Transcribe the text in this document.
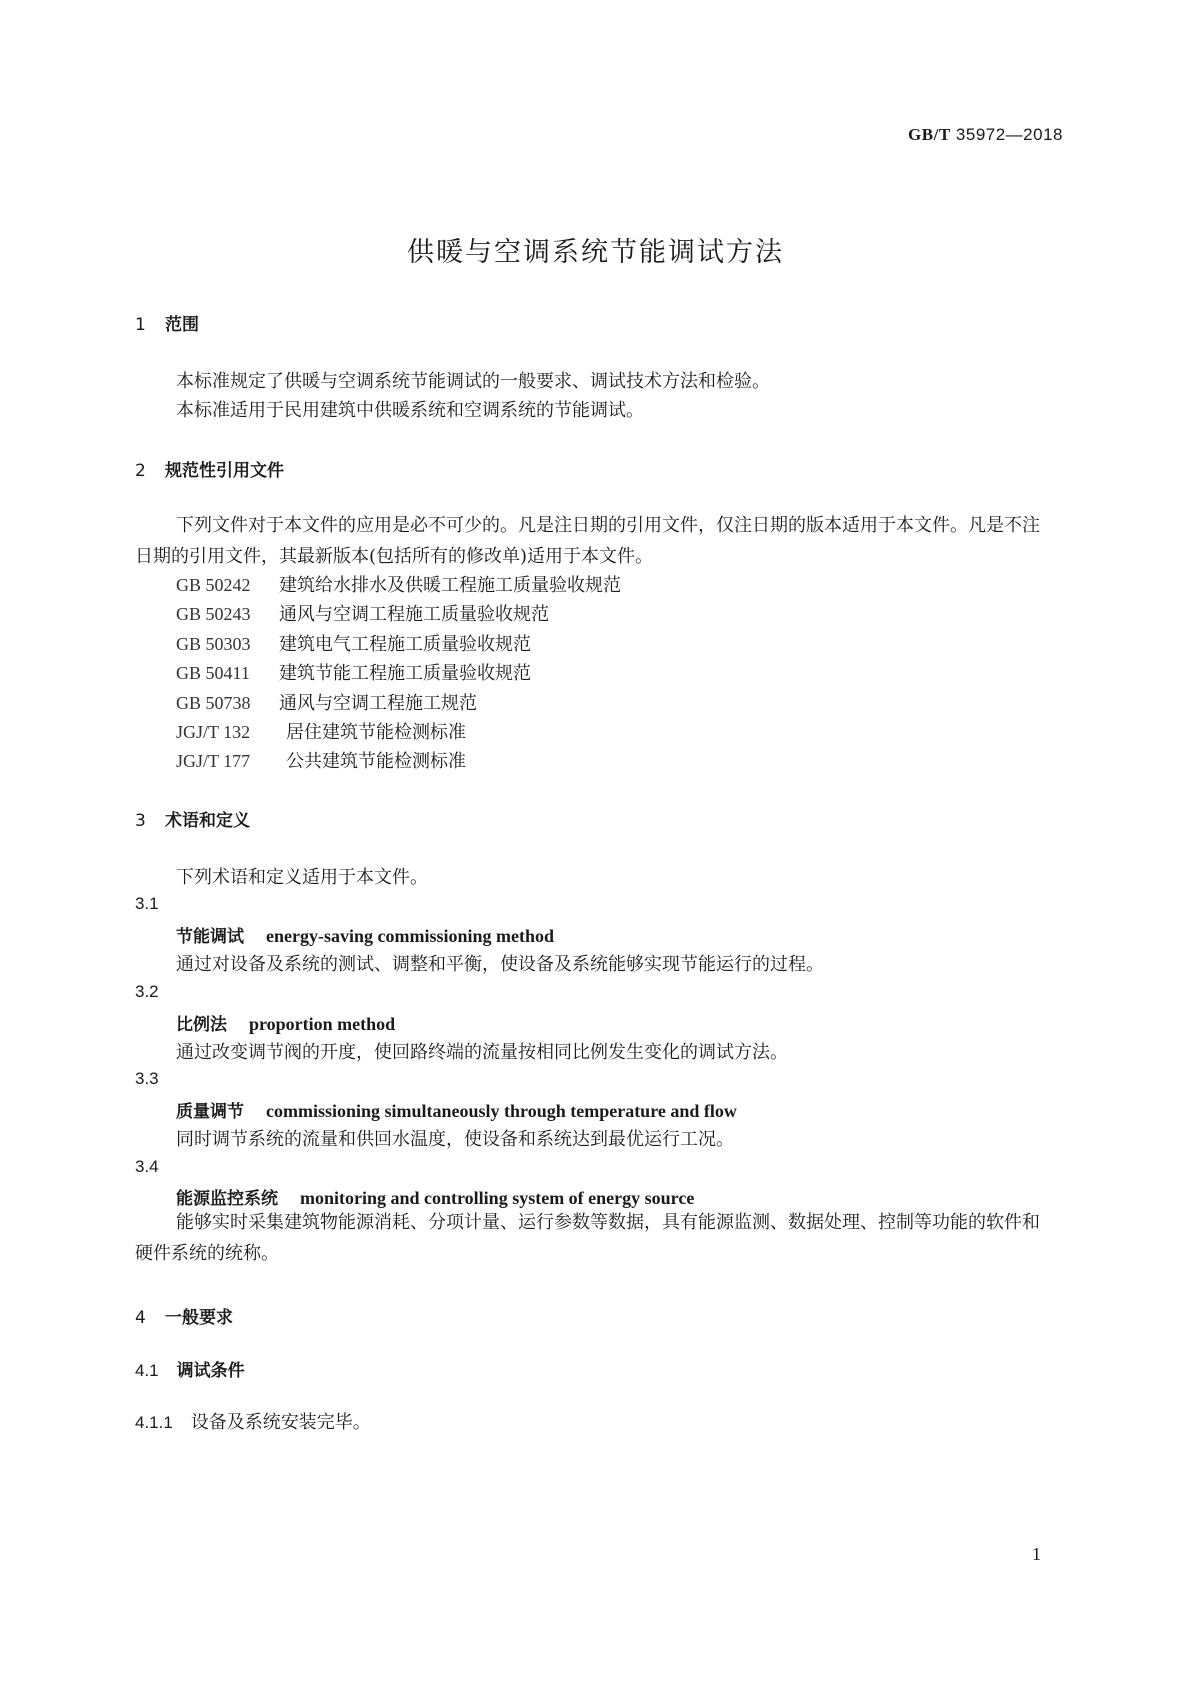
GB/T 35972—2018
供暖与空调系统节能调试方法
1 范围
本标准规定了供暖与空调系统节能调试的一般要求、调试技术方法和检验。
本标准适用于民用建筑中供暖系统和空调系统的节能调试。
2 规范性引用文件
下列文件对于本文件的应用是必不可少的。凡是注日期的引用文件，仅注日期的版本适用于本文件。凡是不注日期的引用文件，其最新版本(包括所有的修改单)适用于本文件。
GB 50242 建筑给水排水及供暖工程施工质量验收规范
GB 50243 通风与空调工程施工质量验收规范
GB 50303 建筑电气工程施工质量验收规范
GB 50411 建筑节能工程施工质量验收规范
GB 50738 通风与空调工程施工规范
JGJ/T 132 居住建筑节能检测标准
JGJ/T 177 公共建筑节能检测标准
3 术语和定义
下列术语和定义适用于本文件。
3.1
节能调试 energy-saving commissioning method
通过对设备及系统的测试、调整和平衡，使设备及系统能够实现节能运行的过程。
3.2
比例法 proportion method
通过改变调节阀的开度，使回路终端的流量按相同比例发生变化的调试方法。
3.3
质量调节 commissioning simultaneously through temperature and flow
同时调节系统的流量和供回水温度，使设备和系统达到最优运行工况。
3.4
能源监控系统 monitoring and controlling system of energy source
能够实时采集建筑物能源消耗、分项计量、运行参数等数据，具有能源监测、数据处理、控制等功能的软件和硬件系统的统称。
4 一般要求
4.1 调试条件
4.1.1 设备及系统安装完毕。
1
